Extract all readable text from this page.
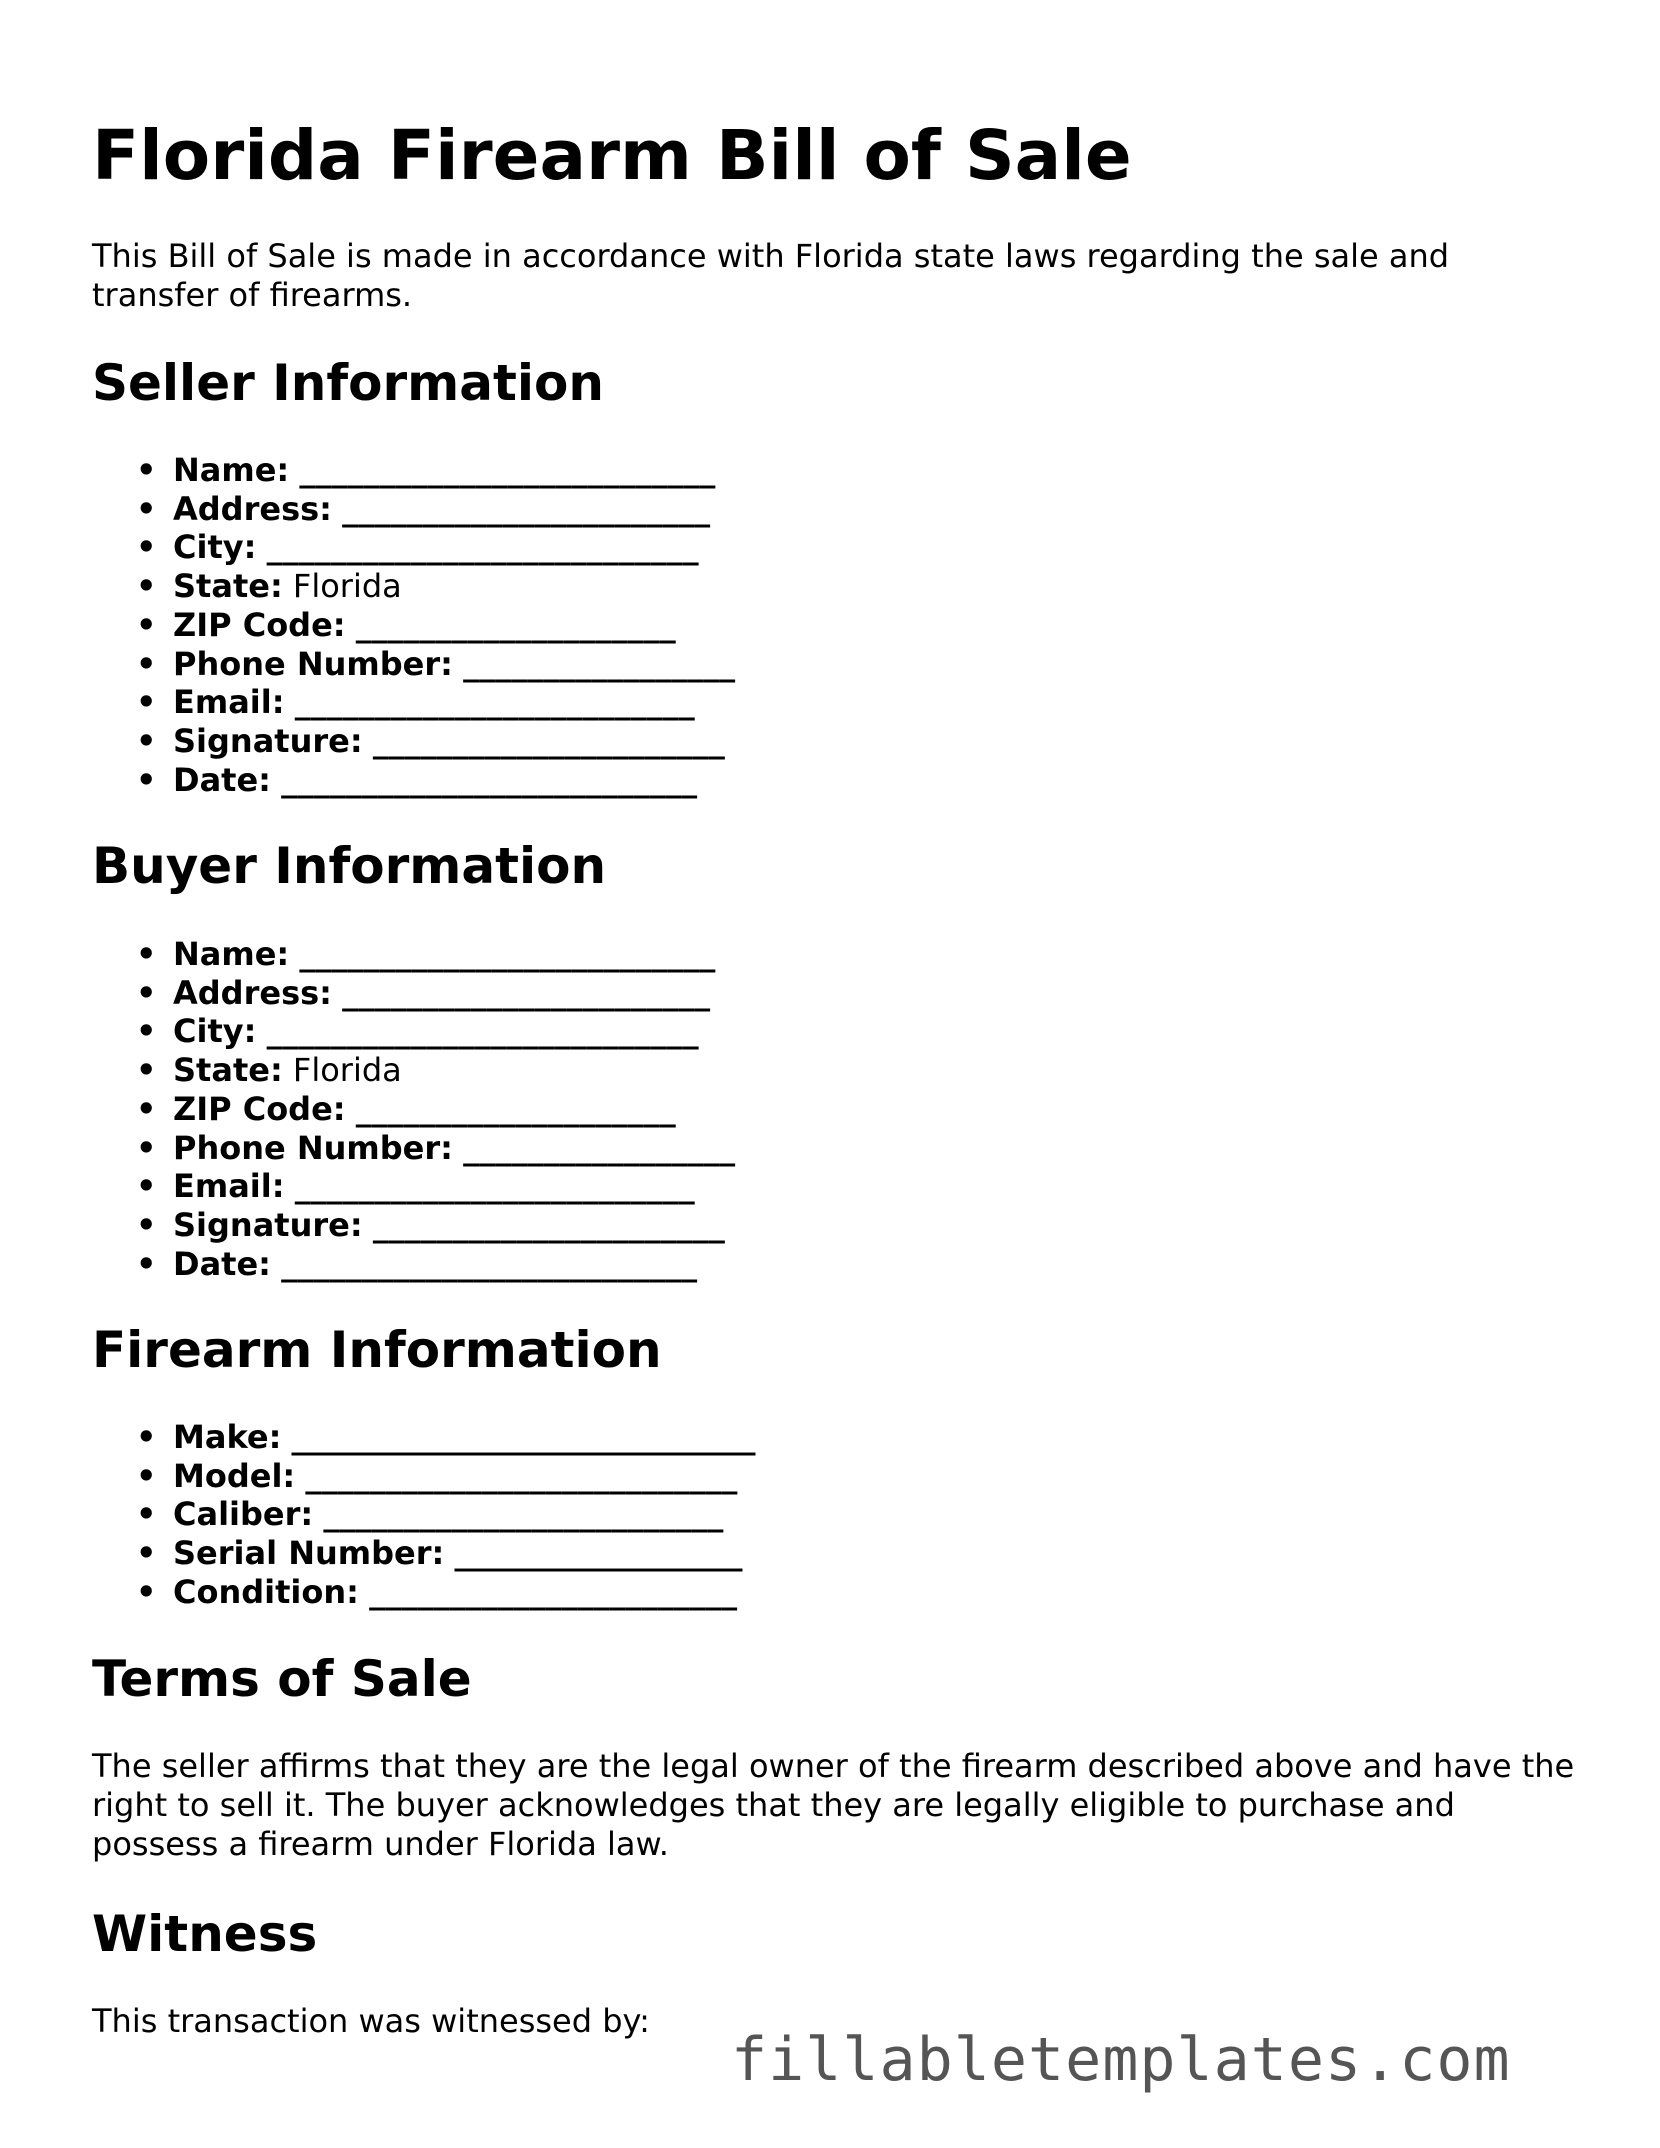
Florida Firearm Bill of Sale

This Bill of Sale is made in accordance with Florida state laws regarding the sale and transfer of firearms.

Seller Information
• Name: __________________________
• Address: _______________________
• City: ___________________________
• State: Florida
• ZIP Code: ____________________
• Phone Number: _________________
• Email: _________________________
• Signature: ______________________
• Date: __________________________
Buyer Information
• Name: __________________________
• Address: _______________________
• City: ___________________________
• State: Florida
• ZIP Code: ____________________
• Phone Number: _________________
• Email: _________________________
• Signature: ______________________
• Date: __________________________
Firearm Information
• Make: _____________________________
• Model: ___________________________
• Caliber: _________________________
• Serial Number: __________________
• Condition: _______________________
Terms of Sale

The seller affirms that they are the legal owner of the firearm described above and have the right to sell it. The buyer acknowledges that they are legally eligible to purchase and possess a firearm under Florida law.

Witness

This transaction was witnessed by:

fillabletemplates.com
